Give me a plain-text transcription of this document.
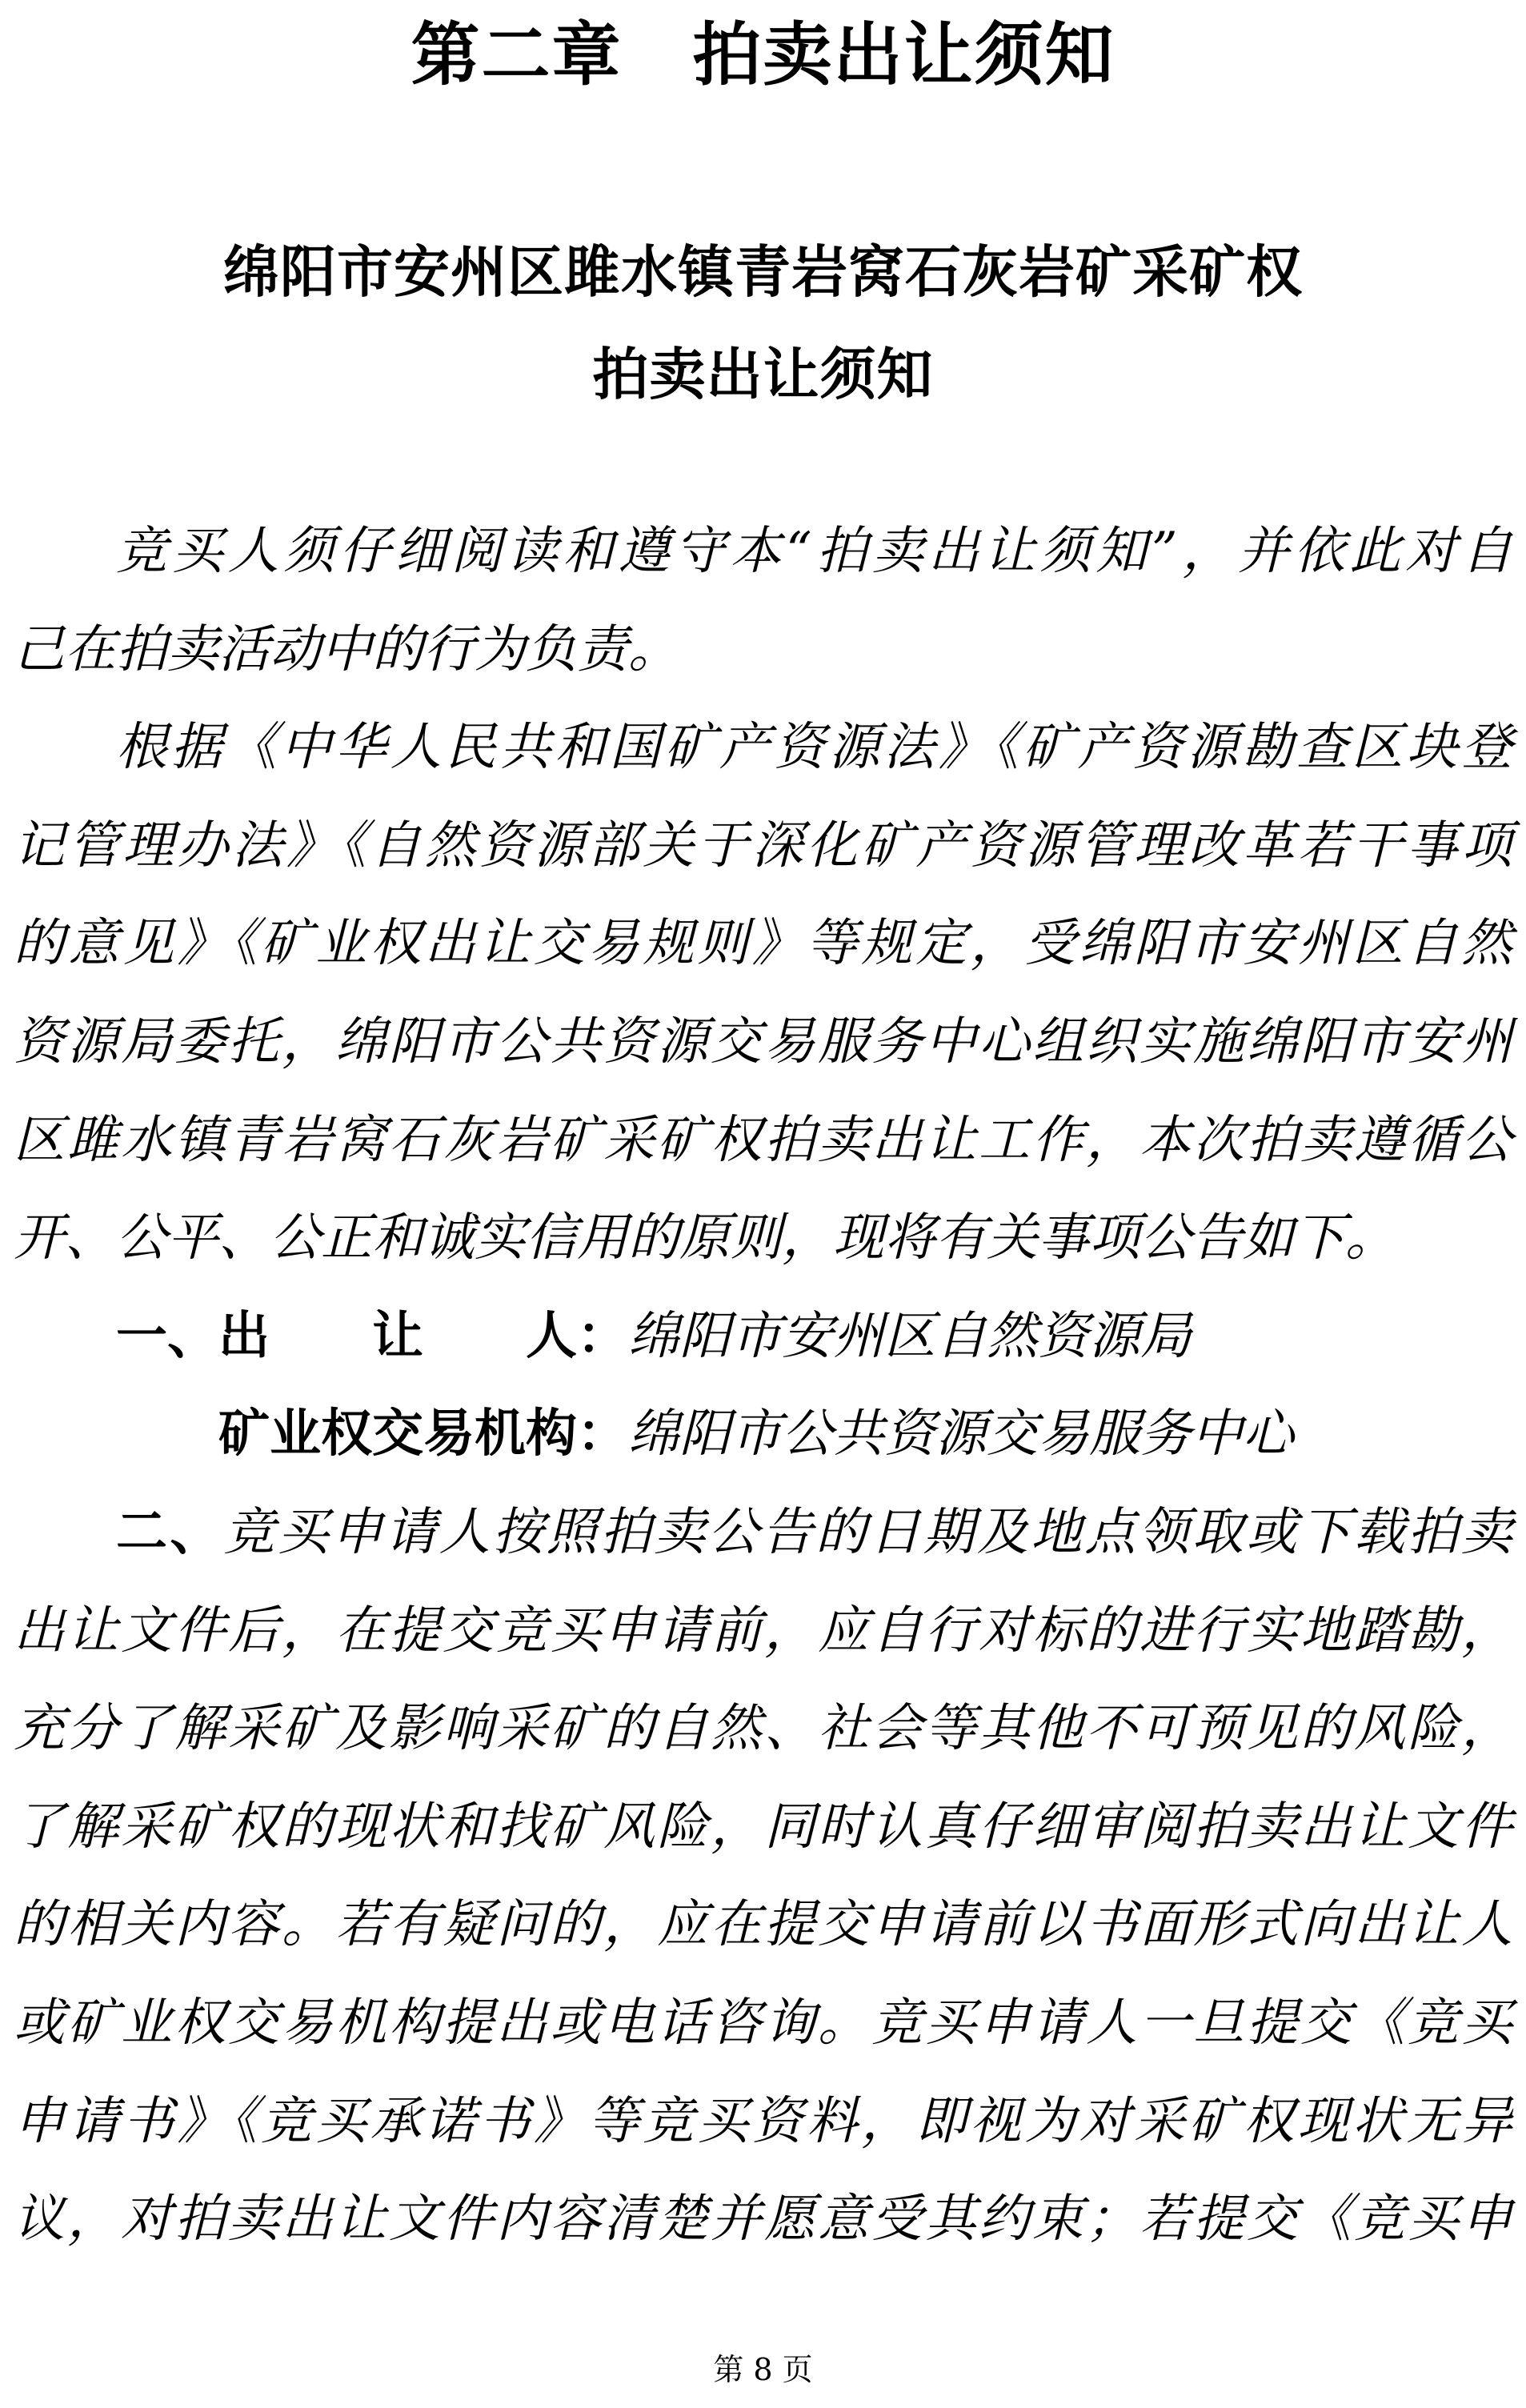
第二章　拍卖出让须知
绵阳市安州区雎水镇青岩窝石灰岩矿采矿权
拍卖出让须知
竞买人须仔细阅读和遵守本“拍卖出让须知”，并依此对自
己在拍卖活动中的行为负责。
根据《中华人民共和国矿产资源法》《矿产资源勘查区块登
记管理办法》《自然资源部关于深化矿产资源管理改革若干事项
的意见》《矿业权出让交易规则》等规定，受绵阳市安州区自然
资源局委托，绵阳市公共资源交易服务中心组织实施绵阳市安州
区雎水镇青岩窝石灰岩矿采矿权拍卖出让工作，本次拍卖遵循公
开、公平、公正和诚实信用的原则，现将有关事项公告如下。
一、出　　让　　人：绵阳市安州区自然资源局
矿业权交易机构：绵阳市公共资源交易服务中心
二、竞买申请人按照拍卖公告的日期及地点领取或下载拍卖
出让文件后，在提交竞买申请前，应自行对标的进行实地踏勘，
充分了解采矿及影响采矿的自然、社会等其他不可预见的风险，
了解采矿权的现状和找矿风险，同时认真仔细审阅拍卖出让文件
的相关内容。若有疑问的，应在提交申请前以书面形式向出让人
或矿业权交易机构提出或电话咨询。竞买申请人一旦提交《竞买
申请书》《竞买承诺书》等竞买资料，即视为对采矿权现状无异
议，对拍卖出让文件内容清楚并愿意受其约束；若提交《竞买申
第 8 页
